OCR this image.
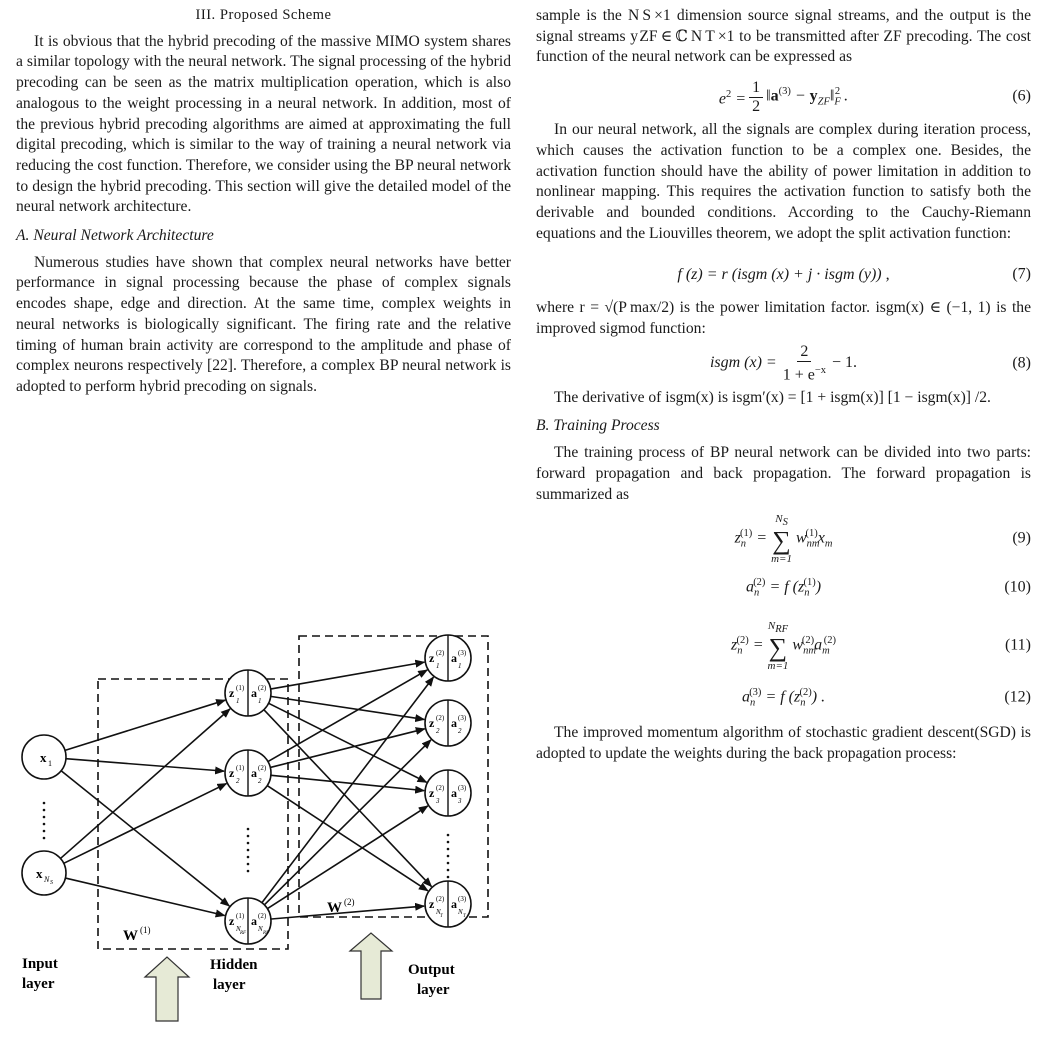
III. Proposed Scheme

It is obvious that the hybrid precoding of the massive MIMO system shares a similar topology with the neural network. The signal processing of the hybrid precoding can be seen as the matrix multiplication operation, which is also analogous to the weight processing in a neural network. In addition, most of the previous hybrid precoding algorithms are aimed at approximating the full digital precoding, which is similar to the way of training a neural network via reducing the cost function. Therefore, we consider using the BP neural network to design the hybrid precoding. This section will give the detailed model of the neural network architecture.

A. Neural Network Architecture

Numerous studies have shown that complex neural networks have better performance in signal processing because the phase of complex signals encodes shape, edge and direction. At the same time, complex weights in neural networks is biologically significant. The firing rate and the relative timing of human brain activity are correspond to the amplitude and phase of complex neurons respectively [22]. Therefore, a complex BP neural network is adopted to perform hybrid precoding on signals.

x 1
x N S
z (1)
1
a (2)
1
z (1)
2
a (2)
2
z (1)
N
a (2)
N
RF	RF
z (2)
1
a (3)
1
z (2)
2
a (3)
2
z (2)
3
a (3)
3
z (2)
N
a (3)
N
T	T
Input
layer
W (1)
W (2)
Hidden
layer
Output
layer

sample is the N S ×1 dimension source signal streams, and the output is the signal streams y ZF ∈ ℂ N T ×1 to be transmitted after ZF precoding. The cost function of the neural network can be expressed as

$e^2 = \frac{1}{2}$ $‖a^{(3)}$ − $y_{ZF}‖_F^2$ .	(6)

In our neural network, all the signals are complex during iteration process, which causes the activation function to be a complex one. Besides, the activation function should have the ability of power limitation in addition to nonlinear mapping. This requires the activation function to satisfy both the derivable and bounded conditions. According to the Cauchy-Riemann equations and the Liouvilles theorem, we adopt the split activation function:

f (z) = r (isgm (x) + j · isgm (y)) ,	(7)

where r = √(P max/2) is the power limitation factor. isgm(x) ∈ (−1, 1) is the improved sigmod function:

isgm $(x) = \frac{2}{1 + e^{-x}} - 1$.	(8)

The derivative of isgm(x) is isgm′(x) = [1 + isgm(x)] [1 − isgm(x)] /2.

B. Training Process

The training process of BP neural network can be divided into two parts: forward propagation and back propagation. The forward propagation is summarized as

$z_n^{(1)}$ =
$N_S$
∑
m=1
$w_{nm}^{(1)}x_m$	(9)
$a_n^{(2)} = f$ $(z_n^{(1)})$	(10)
$z_n^{(2)}$ =
$N_{RF}$
∑
m=1
$w_{nm}^{(2)}a_m^{(2)}$	(11)
$a_n^{(3)} = f$ $(z_n^{(2)})$ .	(12)

The improved momentum algorithm of stochastic gradient descent(SGD) is adopted to update the weights during the back propagation process:
